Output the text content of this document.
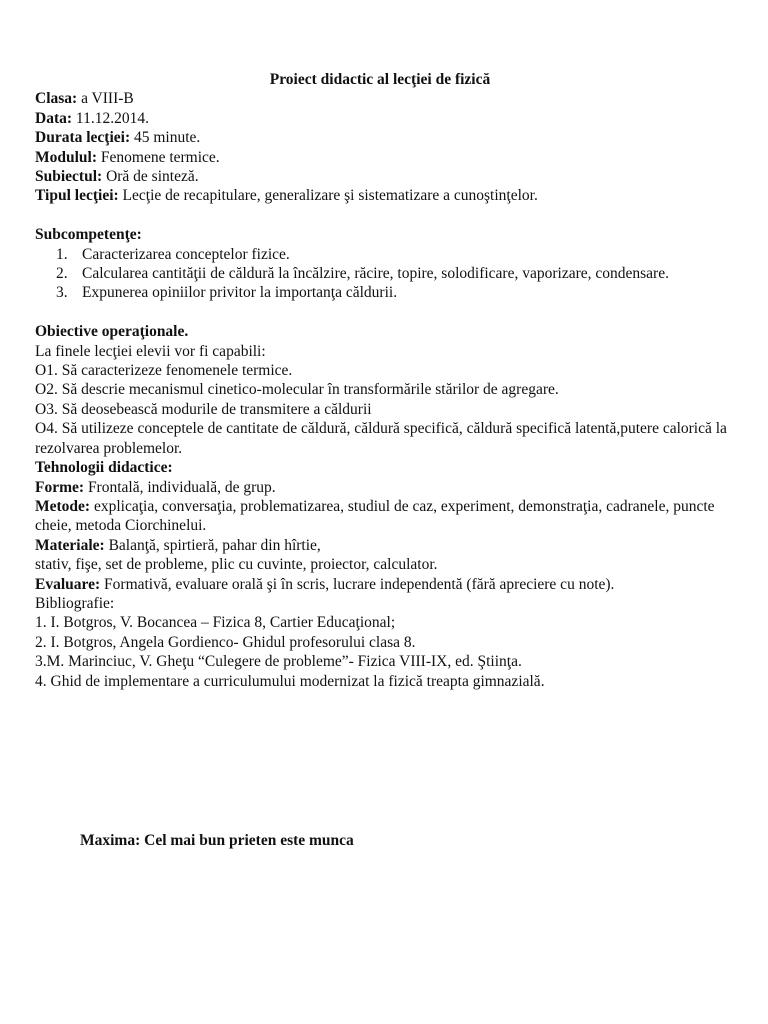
Proiect didactic al lecţiei de fizică
Clasa: a VIII-B
Data: 11.12.2014.
Durata lecţiei: 45 minute.
Modulul: Fenomene termice.
Subiectul: Oră de sinteză.
Tipul lecţiei: Lecţie de recapitulare, generalizare şi sistematizare a cunoştinţelor.
Subcompetenţe:
1. Caracterizarea conceptelor fizice.
2. Calcularea cantităţii de căldură la încălzire, răcire, topire, solodificare, vaporizare, condensare.
3. Expunerea opiniilor privitor la importanţa căldurii.
Obiective operaţionale.
La finele lecţiei elevii vor fi capabili:
O1. Să caracterizeze fenomenele termice.
O2. Să descrie mecanismul cinetico-molecular în transformările stărilor de agregare.
O3. Să deosebească modurile de transmitere a căldurii
O4. Să utilizeze conceptele de cantitate de căldură, căldură specifică, căldură specifică latentă,putere calorică la rezolvarea problemelor.
Tehnologii didactice:
Forme: Frontală, individuală, de grup.
Metode: explicaţia, conversaţia, problematizarea, studiul de caz, experiment, demonstraţia, cadranele, puncte cheie, metoda Ciorchinelui.
Materiale: Balanţă, spirtieră, pahar din hîrtie,
stativ, fişe, set de probleme, plic cu cuvinte, proiector, calculator.
Evaluare: Formativă, evaluare orală şi în scris, lucrare independentă (fără apreciere cu note).
Bibliografie:
1. I. Botgros, V. Bocancea – Fizica 8, Cartier Educaţional;
2. I. Botgros, Angela Gordienco- Ghidul profesorului clasa 8.
3.M. Marinciuc, V. Gheţu “Culegere de probleme”- Fizica VIII-IX, ed. Ştiinţa.
4. Ghid de implementare a curriculumului modernizat la fizică treapta gimnazială.
Maxima: Cel mai bun prieten este munca
